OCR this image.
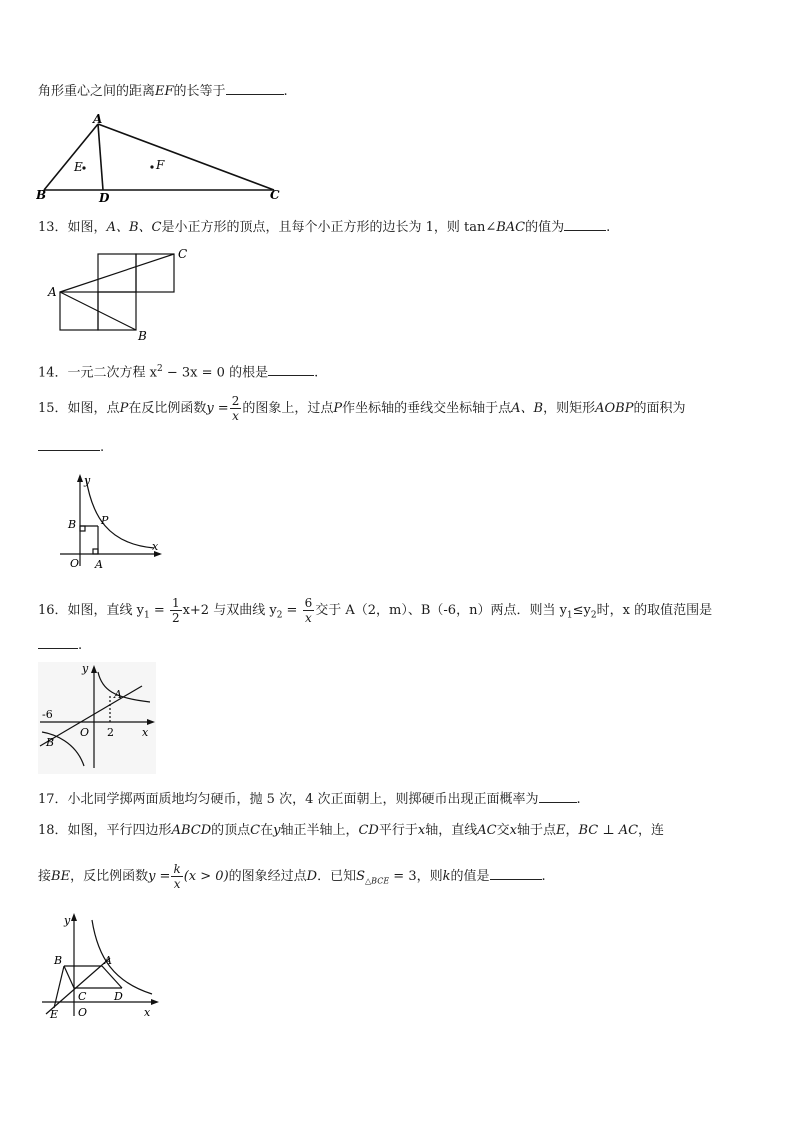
角形重心之间的距离EF的长等于	.
A
B	C
D
E	F
13．如图，A、B、C是小正方形的顶点，且每个小正方形的边长为 1，则 tan∠BAC的值为	.
A
B
C
14．一元二次方程 $x^2 - 3x = 0$ 的根是	.
15．如图，点P在反比例函数$y = \frac{2}{x}$ 的图象上，过点P作坐标轴的垂线交坐标轴于点A、B，则矩形AOBP的面积为
.
y
x
B P
O A
16．如图，直线 $y_1 = \frac{1}{2} x+2$ 与双曲线 $y_2 = \frac{6}{x}$ 交于 A（2，m）、B（-6，n）两点．则当 $y_1\le y_2$时，x 的取值范围是
.
y
x
A
B
O
-6
2
17．小北同学掷两面质地均匀硬币，抛 5 次，4 次正面朝上，则掷硬币出现正面概率为	.
18．如图，平行四边形ABCD的顶点C在y轴正半轴上，CD平行于x轴，直线AC交x轴于点E，BC ⊥ AC，连
接BE，反比例函数$y = \frac{k}{x} (x > 0)$的图象经过点D．已知$S_{\triangle BCE} = 3$，则k的值是	.
y
x
B	A
C	D
E O
